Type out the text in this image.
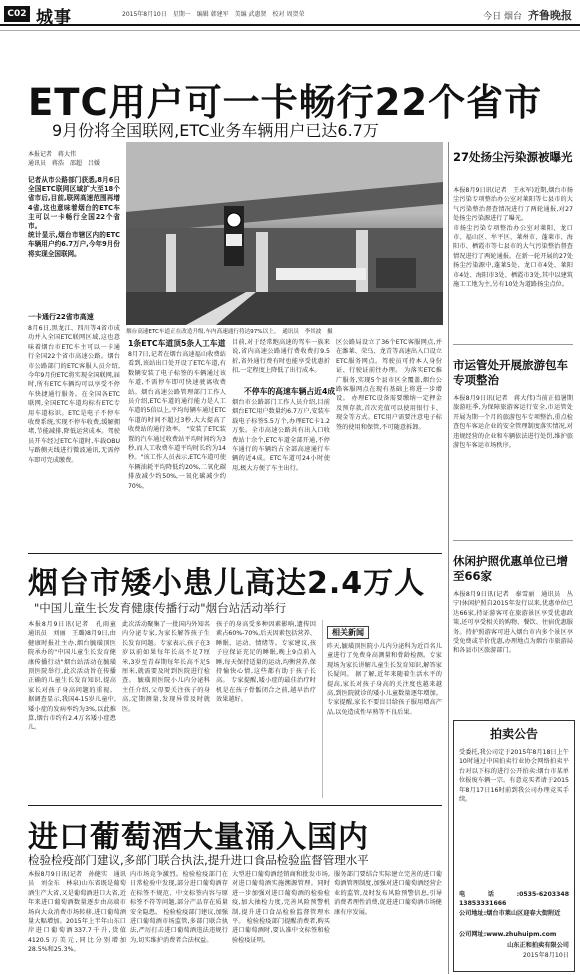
C02 城事	2015年8月10日　星期一　编辑 韩建军　美编 武惠贤　校对 周贺荣	今日 烟台 齐鲁晚报
ETC用户可一卡畅行22个省市
9月份将全国联网,ETC业务车辆用户已达6.7万
本报记者　蒋大伟
通讯员　蒋浩　邵超　吕媛
记者从市公路部门获悉,8月6日全国ETC联网区域扩大至18个省市后,目前,联网高速范围再增4省,这也意味着烟台的ETC车主可以一卡畅行全国22个省市。
统计显示,烟台市辖区内的ETC车辆用户约6.7万户,今年9月份将实现全国联网。
一卡通行22省市高速
8月6日,黑龙江、四川等4省市成功并入全国ETC联网区域,这也意味着烟台市ETC车主可以一卡通行全国22个省市高速公路。烟台市公路部门的ETC客服人员介绍,今年9月份ETC将实现全国联网,届时,所有ETC车辆均可以享受不停车快捷通行服务。在全国各ETC联网,全国ETC车道均标有ETC专用车道标识。ETC是电子不停车收费系统,实现不停车收费,缓解拥堵,节能减排,降低运营成本。驾驶员开车经过ETC车道时,车载OBU与路侧天线进行微波通讯,无需停车即可完成缴费。
烟台高速ETC车道正在改造升级,车内高速通行将达97%以上。　通讯员　李其波　摄
1条ETC车道顶5条人工车道
8月7日,记者在烟台高速福山收费站看到,该站出口处开设了ETC车道,有数辆安装了电子标签的车辆通过该车道,不需停车即可快速驶离收费站。烟台高速公路管理部门工作人员介绍,ETC车道的通行能力是人工车道的5倍以上,平均每辆车通过ETC车道的时间不超过3秒,大大提高了收费站的通行效率。 "安装了ETC装置的汽车通过收费站平均时间约为3秒,而人工收费车道平均时长约为14秒。"该工作人员表示,ETC车道可使车辆油耗平均降低约20%,二氧化碳排放减少约50%,一氧化碳减少约70%。
目前,对于经常跑高速的驾车一族来说,省内高速公路通行费收费打9.5折,省外通行费有时也能享受优惠折扣,一定程度上降低了出行成本。
不停车的高速车辆占近4成
烟台市公路部门工作人员介绍,目前烟台ETC用户数量约6.7万户,安装车载电子标签5.5万个,办理ETC卡1.2万张。全市高速公路共有出入口收费站十余个,ETC车道全部开通,不停车通行的车辆约占全部高速通行车辆的近4成。ETC车道可24小时使用,极大方便了车主出行。
区公路局设立了36个ETC客服网点,并在潍莱、荣乌、龙青等高速出入口设立ETC服务网点。驾驶员可持本人身份证、行驶证前往办理。 为落实ETC推广服务,实现5个县市区全覆盖,烟台公路客服网点在现有基础上将进一步增设。 办理ETC设备需要缴纳一定押金及预存款,首次充值可以使用银行卡、现金等方式。ETC用户需要注意电子标签的使用和保管,不可随意拆卸。
27处扬尘污染源被曝光
本报8月9日讯(记者　王永军)近期,烟台市扬尘污染专项整治办公室对莱阳等七县市的大气污染整治督查情况进行了两轮通报,对27处扬尘污染源进行了曝光。
市扬尘污染专项整治办公室对莱阳、龙口市、福山区、牟平区、莱州市、蓬莱市、海阳市、栖霞市等七县市的大气污染整治督查情况进行了两轮通报。在新一轮开展的27处扬尘污染源中,蓬莱5处、龙口市4处、莱阳市4处、海阳市3处、栖霞市3处,其中以建筑施工工地为主,另有10处为道路扬尘点位。
市运管处开展旅游包车专项整治
本报8月9日讯(记者　蒋大伟)当前正值暑期旅游旺季,为保障旅游客运行安全,市运管处开展为期一个月的旅游包车专项整治,重点检查包车客运企业的安全管理制度落实情况,对违规经营的企业和车辆依法进行处罚,维护旅游包车客运市场秩序。
休闲护照优惠单位已增至66家
本报8月9日讯(记者　秦雪丽　通讯员　丛宁)休闲护照自2015年发行以来,优惠单位已达66家,持证游客可在旅游景区享受优惠政策,还可享受相关的购物、餐饮、住宿优惠服务。持护照游客可进入烟台市内多个景区享受免费或半价优惠,办理地点为烟台市旅游局和各县市区旅游部门。
拍卖公告
受委托,我公司定于2015年8月18日上午10时通过中国拍卖行业协会网络拍卖平台对以下标的进行公开拍卖:烟台市某单位报废车辆一宗。有意竞买者请于2015年8月17日16时前到我公司办理竞买手续。
电话:0535-6203348　13853331666
公司地址:烟台市莱山区迎春大街附近
公司网址:www.zhuhuipm.com
山东正和拍卖有限公司
2015年8月10日
烟台市矮小患儿高达2.4万人
"中国儿童生长发育健康传播行动"烟台站活动举行
本报8月9日讯(记者　孔雨童　通讯员　刘丽　王璐)8月9日,由健康时报社主办,烟台毓璜顶医院承办的"中国儿童生长发育健康传播行动"烟台站活动在毓璜顶医院举行,此次活动旨在传播正确的儿童生长发育知识,提高家长对孩子身高问题的重视。 据调查显示,我国4-15岁儿童中,矮小症的发病率约为3%,以此推算,烟台市约有2.4万名矮小症患儿。
此次活动聚集了一批国内外知名内分泌专家,为家长解答孩子生长发育问题。专家表示,孩子在3岁以前如果每年长高不足7厘米,3岁至青春期每年长高不足5厘米,就需要及时到医院进行检查。 毓璜顶医院小儿内分泌科主任介绍,父母要关注孩子的身高,定期测量,发现异常及时就医。
孩子的身高受多种因素影响,遗传因素占60%-70%,后天因素包括营养、睡眠、运动、情绪等。专家建议,孩子应保证充足的睡眠,晚上9点前入睡,每天保持适量的运动,均衡营养,保持愉快心情,这些都有助于孩子长高。 专家提醒,矮小症的最佳治疗时机是在孩子骨骺闭合之前,越早治疗效果越好。
相关新闻
昨天,毓璜顶医院小儿内分泌科为近百名儿童进行了免费身高测量和骨龄检测。专家现场为家长讲解儿童生长发育知识,解答家长疑问。 据了解,近年来随着生活水平的提高,家长对孩子身高的关注度也越来越高,到医院就诊的矮小儿童数量逐年增加。专家提醒,家长不要盲目给孩子服用增高产品,以免造成性早熟等不良后果。
进口葡萄酒大量涌入国内
检验检疫部门建议,多部门联合执法,提升进口食品检验监督管理水平
本报8月9日讯(记者　孙健实　通讯员　刘金东　林泉)山东省既是葡萄酒生产大省,又是葡萄酒进口大省,近年来进口葡萄酒数量逐步由高端市场向大众消费市场转移,进口葡萄酒量大幅增加。2015年上半年山东口岸进口葡萄酒337.7千升,货值4120.5万美元,同比分别增加28.5%和25.3%。
内市场竞争激烈。检验检疫部门在日常检验中发现,部分进口葡萄酒存在标签不规范、中文标签内容与原标签不符等问题,部分产品存在质量安全隐患。 检验检疫部门建议,加强进口葡萄酒市场监管,多部门联合执法,严厉打击进口葡萄酒违法违规行为,切实维护消费者合法权益。
大型进口葡萄酒经销商和批发市场,对进口葡萄酒实施溯源管理。同时进一步加强对进口葡萄酒的检验检疫,加大抽检力度,完善风险预警机制,提升进口食品检验监督管理水平。 检验检疫部门提醒消费者,购买进口葡萄酒时,要认准中文标签和检验检疫证明。
服务部门要结合实际建立完善的进口葡萄酒管理制度,加强对进口葡萄酒经营企业的监管,及时发布风险预警信息,引导消费者理性消费,促进进口葡萄酒市场健康有序发展。
